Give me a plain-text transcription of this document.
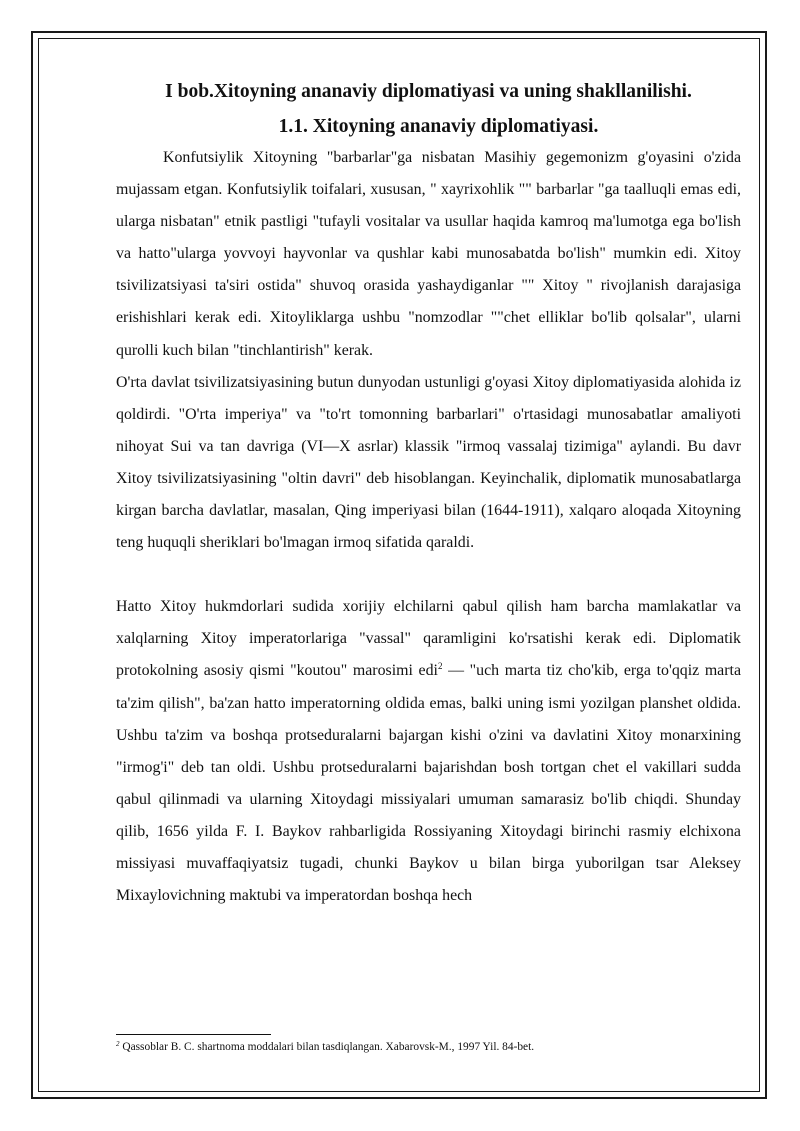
I bob.Xitoyning ananaviy diplomatiyasi va uning shakllanilishi.
1.1. Xitoyning ananaviy diplomatiyasi.

Konfutsiylik Xitoyning "barbarlar"ga nisbatan Masihiy gegemonizm g'oyasini o'zida mujassam etgan. Konfutsiylik toifalari, xususan, " xayrixohlik "" barbarlar "ga taalluqli emas edi, ularga nisbatan" etnik pastligi "tufayli vositalar va usullar haqida kamroq ma'lumotga ega bo'lish va hatto"ularga yovvoyi hayvonlar va qushlar kabi munosabatda bo'lish" mumkin edi. Xitoy tsivilizatsiyasi ta'siri ostida" shuvoq orasida yashaydiganlar "" Xitoy " rivojlanish darajasiga erishishlari kerak edi. Xitoyliklarga ushbu "nomzodlar ""chet elliklar bo'lib qolsalar", ularni qurolli kuch bilan "tinchlantirish" kerak.

O'rta davlat tsivilizatsiyasining butun dunyodan ustunligi g'oyasi Xitoy diplomatiyasida alohida iz qoldirdi. "O'rta imperiya" va "to'rt tomonning barbarlari" o'rtasidagi munosabatlar amaliyoti nihoyat Sui va tan davriga (VI—X asrlar) klassik "irmoq vassalaj tizimiga" aylandi. Bu davr Xitoy tsivilizatsiyasining "oltin davri" deb hisoblangan. Keyinchalik, diplomatik munosabatlarga kirgan barcha davlatlar, masalan, Qing imperiyasi bilan (1644-1911), xalqaro aloqada Xitoyning teng huquqli sheriklari bo'lmagan irmoq sifatida qaraldi.

Hatto Xitoy hukmdorlari sudida xorijiy elchilarni qabul qilish ham barcha mamlakatlar va xalqlarning Xitoy imperatorlariga "vassal" qaramligini ko'rsatishi kerak edi. Diplomatik protokolning asosiy qismi "koutou" marosimi edi$^2$ — "uch marta tiz cho'kib, erga to'qqiz marta ta'zim qilish", ba'zan hatto imperatorning oldida emas, balki uning ismi yozilgan planshet oldida. Ushbu ta'zim va boshqa protseduralarni bajargan kishi o'zini va davlatini Xitoy monarxining "irmog'i" deb tan oldi. Ushbu protseduralarni bajarishdan bosh tortgan chet el vakillari sudda qabul qilinmadi va ularning Xitoydagi missiyalari umuman samarasiz bo'lib chiqdi. Shunday qilib, 1656 yilda F. I. Baykov rahbarligida Rossiyaning Xitoydagi birinchi rasmiy elchixona missiyasi muvaffaqiyatsiz tugadi, chunki Baykov u bilan birga yuborilgan tsar Aleksey Mixaylovichning maktubi va imperatordan boshqa hech

$^2$ Qassoblar B. C. shartnoma moddalari bilan tasdiqlangan. Xabarovsk-M., 1997 Yil. 84-bet.
